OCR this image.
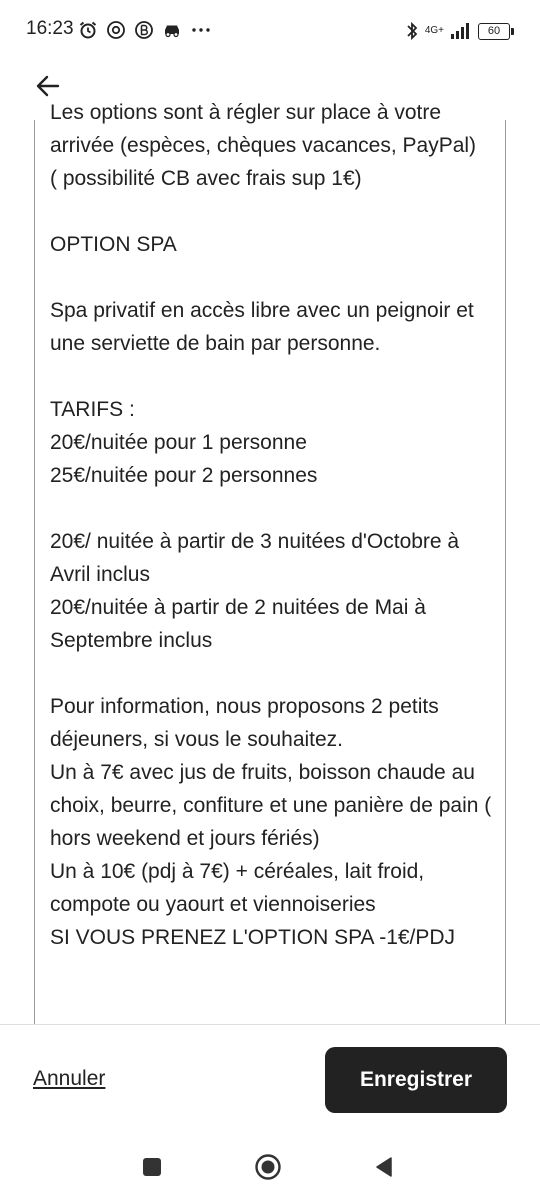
16:23	4G+	60
Les options sont à régler sur place à votre arrivée (espèces, chèques vacances, PayPal)
( possibilité CB avec frais sup 1€)

OPTION SPA

Spa privatif en accès libre avec un peignoir et une serviette de bain par personne.

TARIFS :
20€/nuitée pour 1 personne
25€/nuitée pour 2 personnes

20€/ nuitée à partir de 3 nuitées d'Octobre à Avril inclus
20€/nuitée à partir de 2 nuitées de Mai à Septembre inclus

Pour information, nous proposons 2 petits déjeuners, si vous le souhaitez.
Un à 7€ avec jus de fruits, boisson chaude au choix, beurre, confiture et une panière de pain ( hors weekend et jours fériés)
Un à 10€ (pdj à 7€) + céréales, lait froid, compote ou yaourt et viennoiseries
SI VOUS PRENEZ L'OPTION SPA -1€/PDJ
Annuler	Enregistrer
